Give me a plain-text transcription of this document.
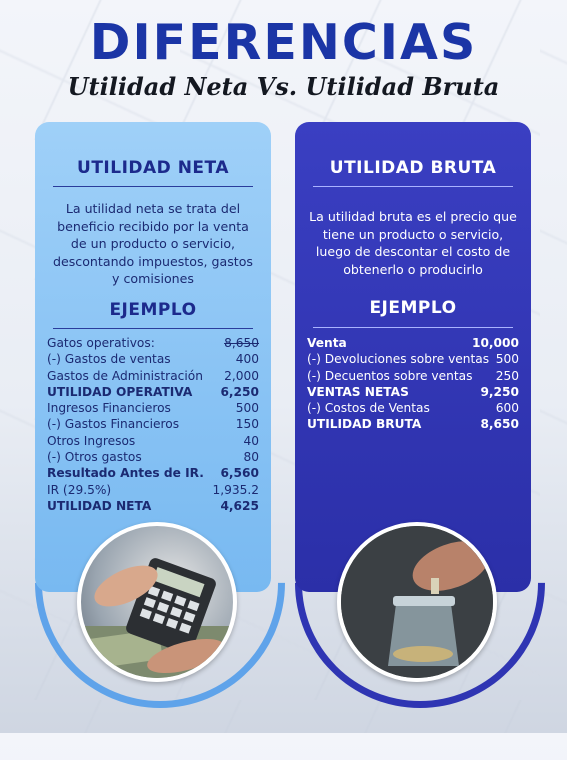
DIFERENCIAS
Utilidad Neta Vs. Utilidad Bruta
UTILIDAD NETA
La utilidad neta se trata del beneficio recibido por la venta de un producto o servicio, descontando impuestos, gastos y comisiones
EJEMPLO
Gatos operativos:	8,650
(-) Gastos de ventas	400
Gastos de Administración	2,000
UTILIDAD OPERATIVA	6,250
Ingresos Financieros	500
(-) Gastos Financieros	150
Otros Ingresos	40
(-) Otros gastos	80
Resultado Antes de IR.	6,560
IR (29.5%)	1,935.2
UTILIDAD NETA	4,625
UTILIDAD BRUTA
La utilidad bruta es el precio que tiene un producto o servicio, luego de descontar el costo de obtenerlo o producirlo
EJEMPLO
Venta	10,000
(-) Devoluciones sobre ventas 500
(-) Decuentos sobre ventas	250
VENTAS NETAS	9,250
(-) Costos de Ventas	600
UTILIDAD BRUTA	8,650
